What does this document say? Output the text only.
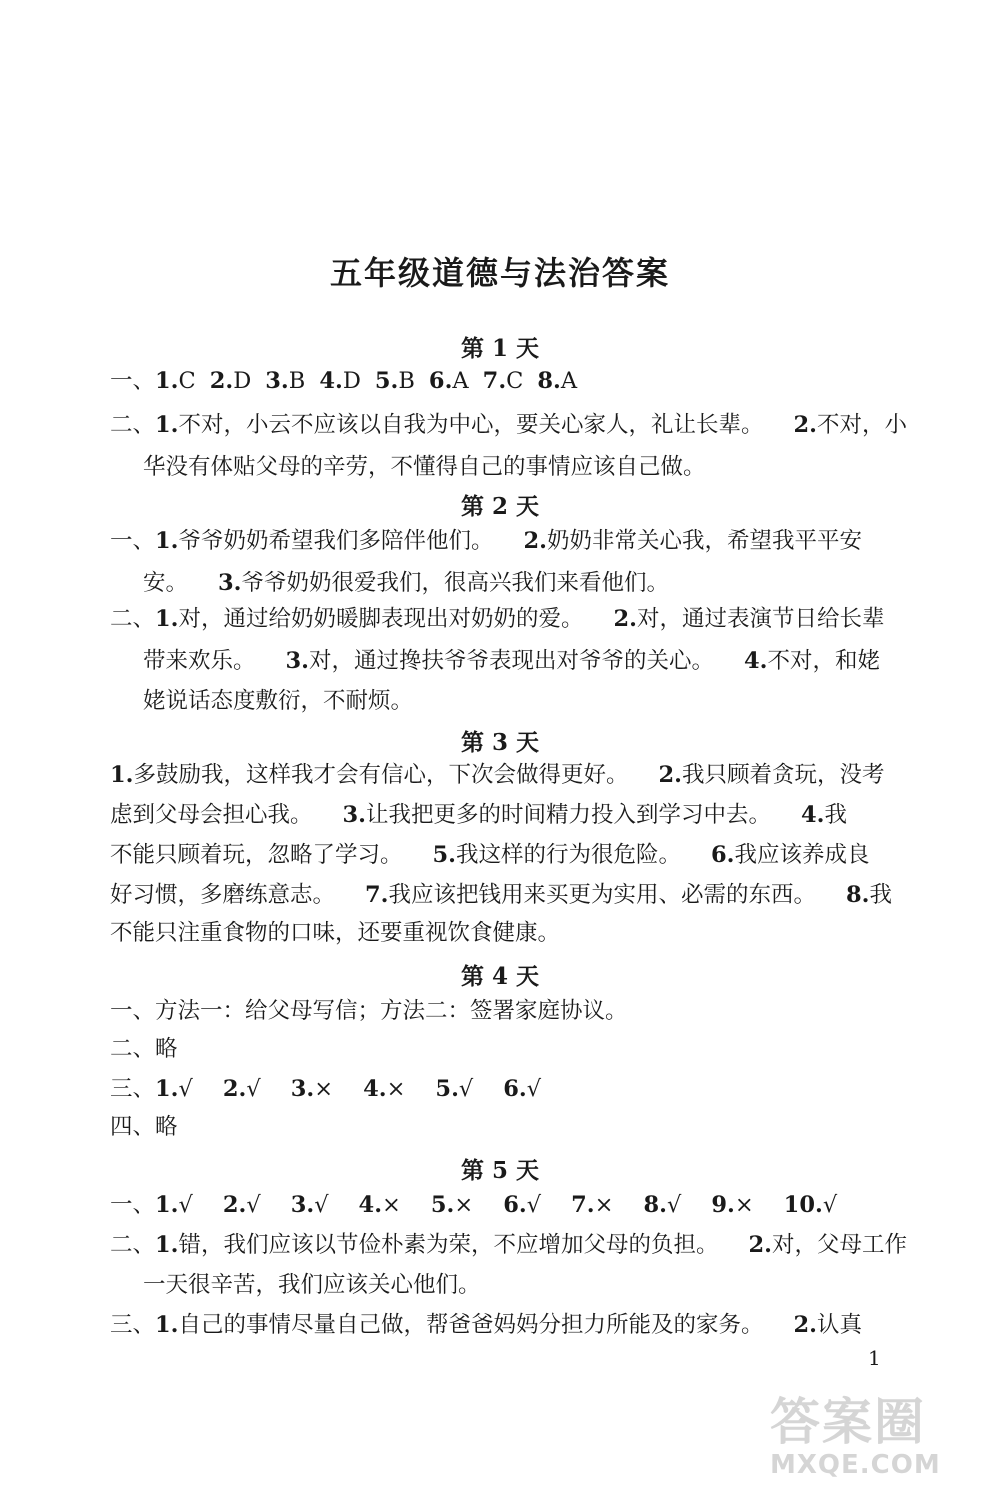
五年级道德与法治答案
第 1 天
一、1.C 2.D 3.B 4.D 5.B 6.A 7.C 8.A
二、1.不对，小云不应该以自我为中心，要关心家人，礼让长辈。 2.不对，小
华没有体贴父母的辛劳，不懂得自己的事情应该自己做。
第 2 天
一、1.爷爷奶奶希望我们多陪伴他们。 2.奶奶非常关心我，希望我平平安
安。 3.爷爷奶奶很爱我们，很高兴我们来看他们。
二、1.对，通过给奶奶暖脚表现出对奶奶的爱。 2.对，通过表演节日给长辈
带来欢乐。 3.对，通过搀扶爷爷表现出对爷爷的关心。 4.不对，和姥
姥说话态度敷衍，不耐烦。
第 3 天
1.多鼓励我，这样我才会有信心，下次会做得更好。 2.我只顾着贪玩，没考
虑到父母会担心我。 3.让我把更多的时间精力投入到学习中去。 4.我
不能只顾着玩，忽略了学习。 5.我这样的行为很危险。 6.我应该养成良
好习惯，多磨练意志。 7.我应该把钱用来买更为实用、必需的东西。 8.我
不能只注重食物的口味，还要重视饮食健康。
第 4 天
一、方法一：给父母写信；方法二：签署家庭协议。
二、略
三、1.√ 2.√ 3.× 4.× 5.√ 6.√
四、略
第 5 天
一、1.√ 2.√ 3.√ 4.× 5.× 6.√ 7.× 8.√ 9.× 10.√
二、1.错，我们应该以节俭朴素为荣，不应增加父母的负担。 2.对，父母工作
一天很辛苦，我们应该关心他们。
三、1.自己的事情尽量自己做，帮爸爸妈妈分担力所能及的家务。 2.认真
1
答案圈
MXQE.COM
